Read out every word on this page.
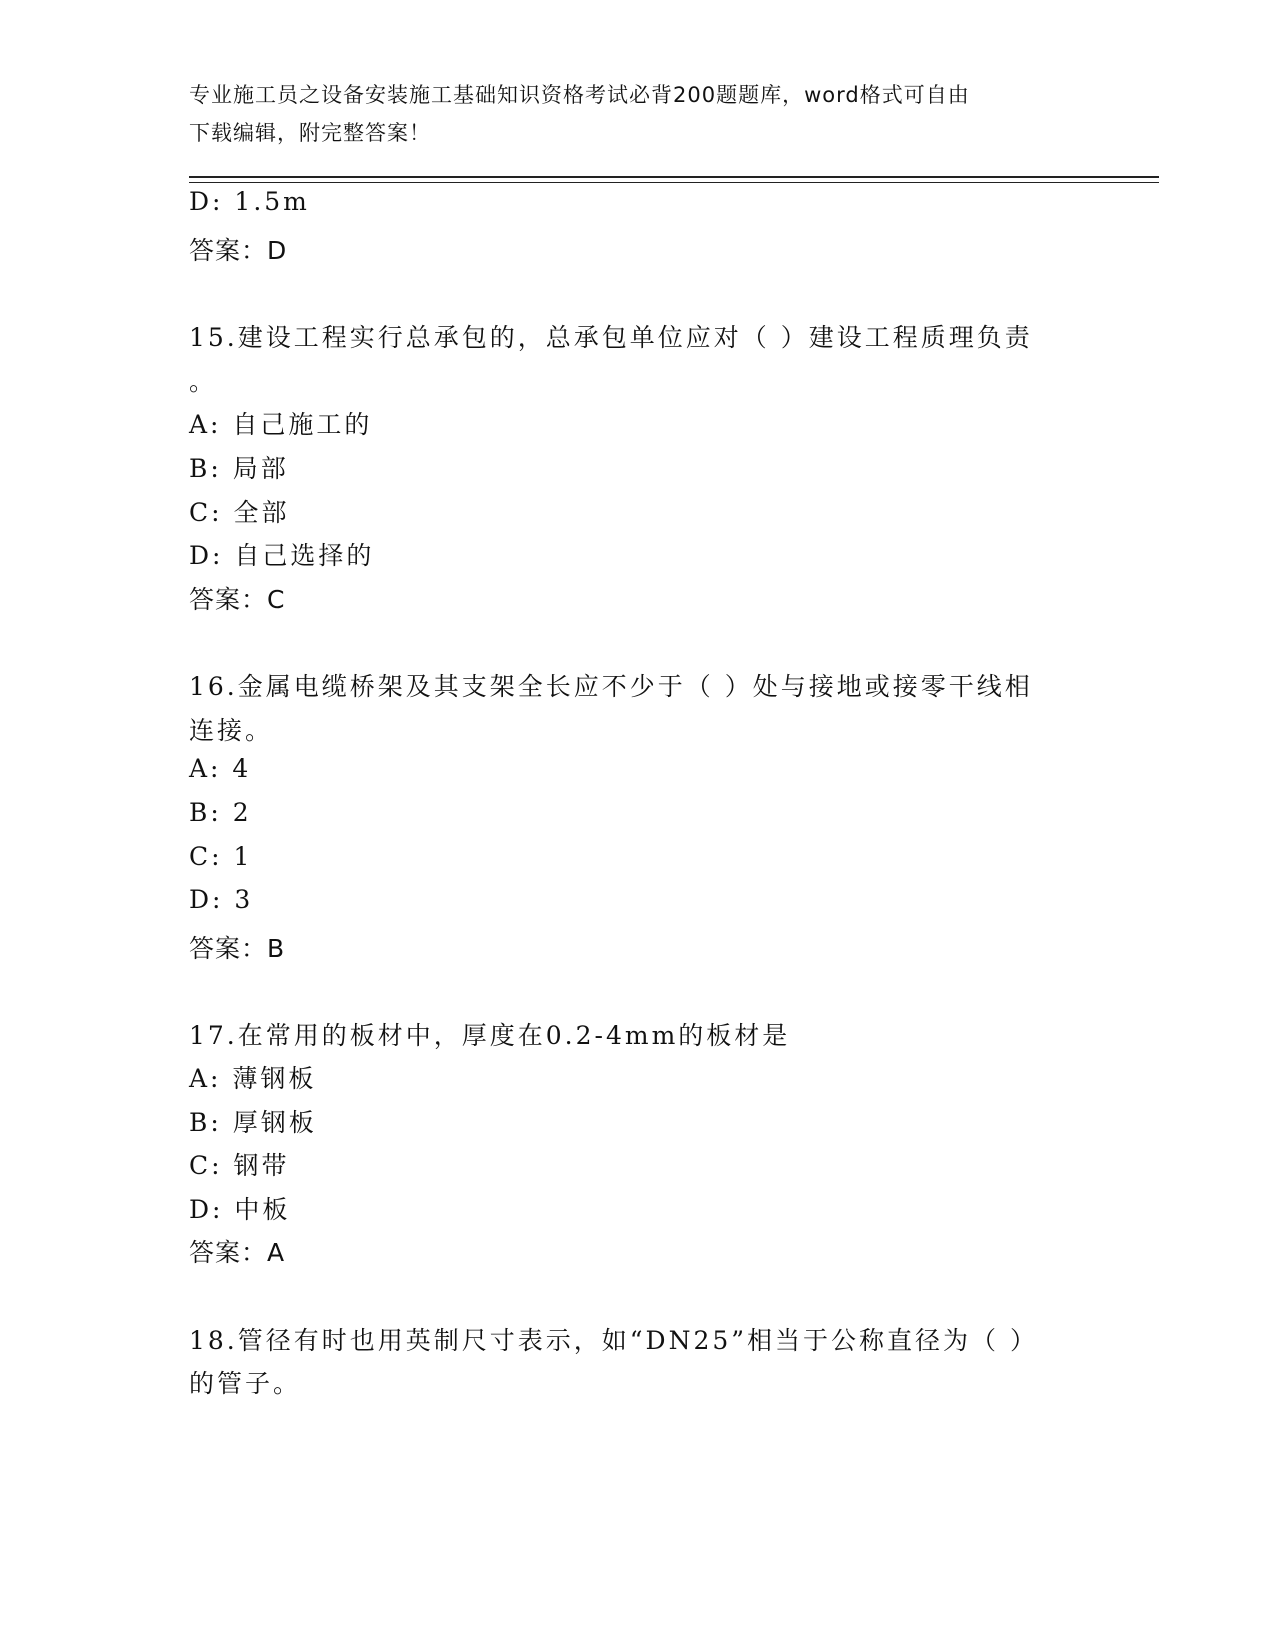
专业施工员之设备安装施工基础知识资格考试必背200题题库，word格式可自由
下载编辑，附完整答案！
D: 1.5m
答案：D
15.建设工程实行总承包的，总承包单位应对（ ）建设工程质理负责
。
A: 自己施工的
B: 局部
C: 全部
D: 自己选择的
答案：C
16.金属电缆桥架及其支架全长应不少于（ ）处与接地或接零干线相
连接。
A: 4
B: 2
C: 1
D: 3
答案：B
17.在常用的板材中，厚度在0.2-4mm的板材是
A: 薄钢板
B: 厚钢板
C: 钢带
D: 中板
答案：A
18.管径有时也用英制尺寸表示，如“DN25”相当于公称直径为（ ）
的管子。
